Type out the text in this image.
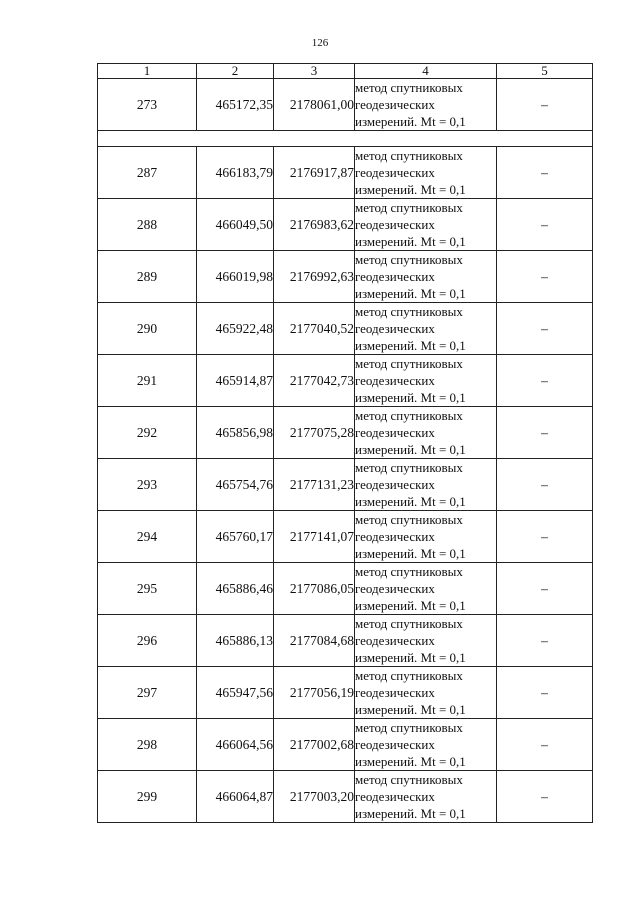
126
1	2	3	4	5
273	465172,35	2178061,00	метод спутниковых
геодезических
измерений. Mt = 0,1	–

287	466183,79	2176917,87	метод спутниковых
геодезических
измерений. Mt = 0,1	–
288	466049,50	2176983,62	метод спутниковых
геодезических
измерений. Mt = 0,1	–
289	466019,98	2176992,63	метод спутниковых
геодезических
измерений. Mt = 0,1	–
290	465922,48	2177040,52	метод спутниковых
геодезических
измерений. Mt = 0,1	–
291	465914,87	2177042,73	метод спутниковых
геодезических
измерений. Mt = 0,1	–
292	465856,98	2177075,28	метод спутниковых
геодезических
измерений. Mt = 0,1	–
293	465754,76	2177131,23	метод спутниковых
геодезических
измерений. Mt = 0,1	–
294	465760,17	2177141,07	метод спутниковых
геодезических
измерений. Mt = 0,1	–
295	465886,46	2177086,05	метод спутниковых
геодезических
измерений. Mt = 0,1	–
296	465886,13	2177084,68	метод спутниковых
геодезических
измерений. Mt = 0,1	–
297	465947,56	2177056,19	метод спутниковых
геодезических
измерений. Mt = 0,1	–
298	466064,56	2177002,68	метод спутниковых
геодезических
измерений. Mt = 0,1	–
299	466064,87	2177003,20	метод спутниковых
геодезических
измерений. Mt = 0,1	–
